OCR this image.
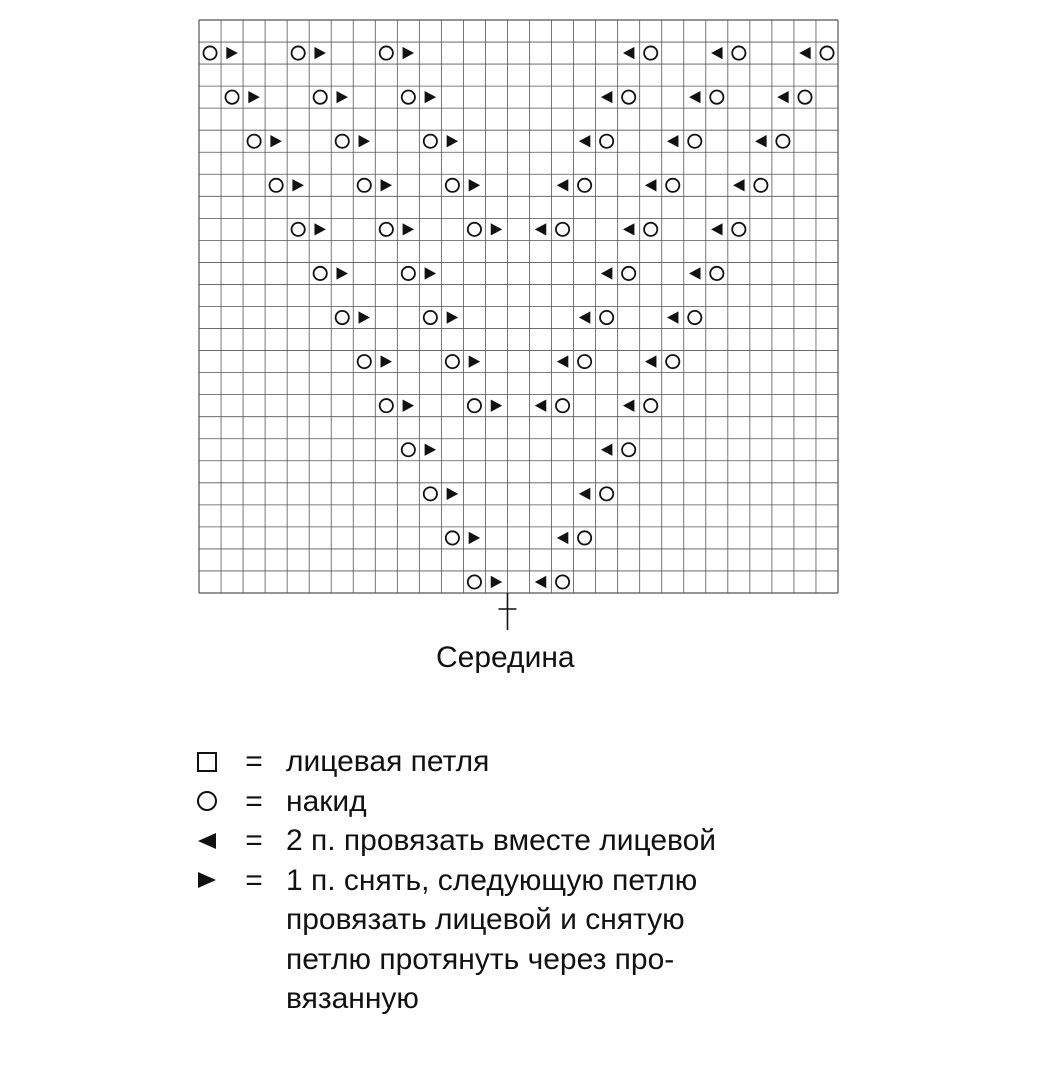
Середина
= лицевая петля
= накид
= 2 п. провязать вместе лицевой
= 1 п. снять, следующую петлю
провязать лицевой и снятую
петлю протянуть через про-
вязанную
